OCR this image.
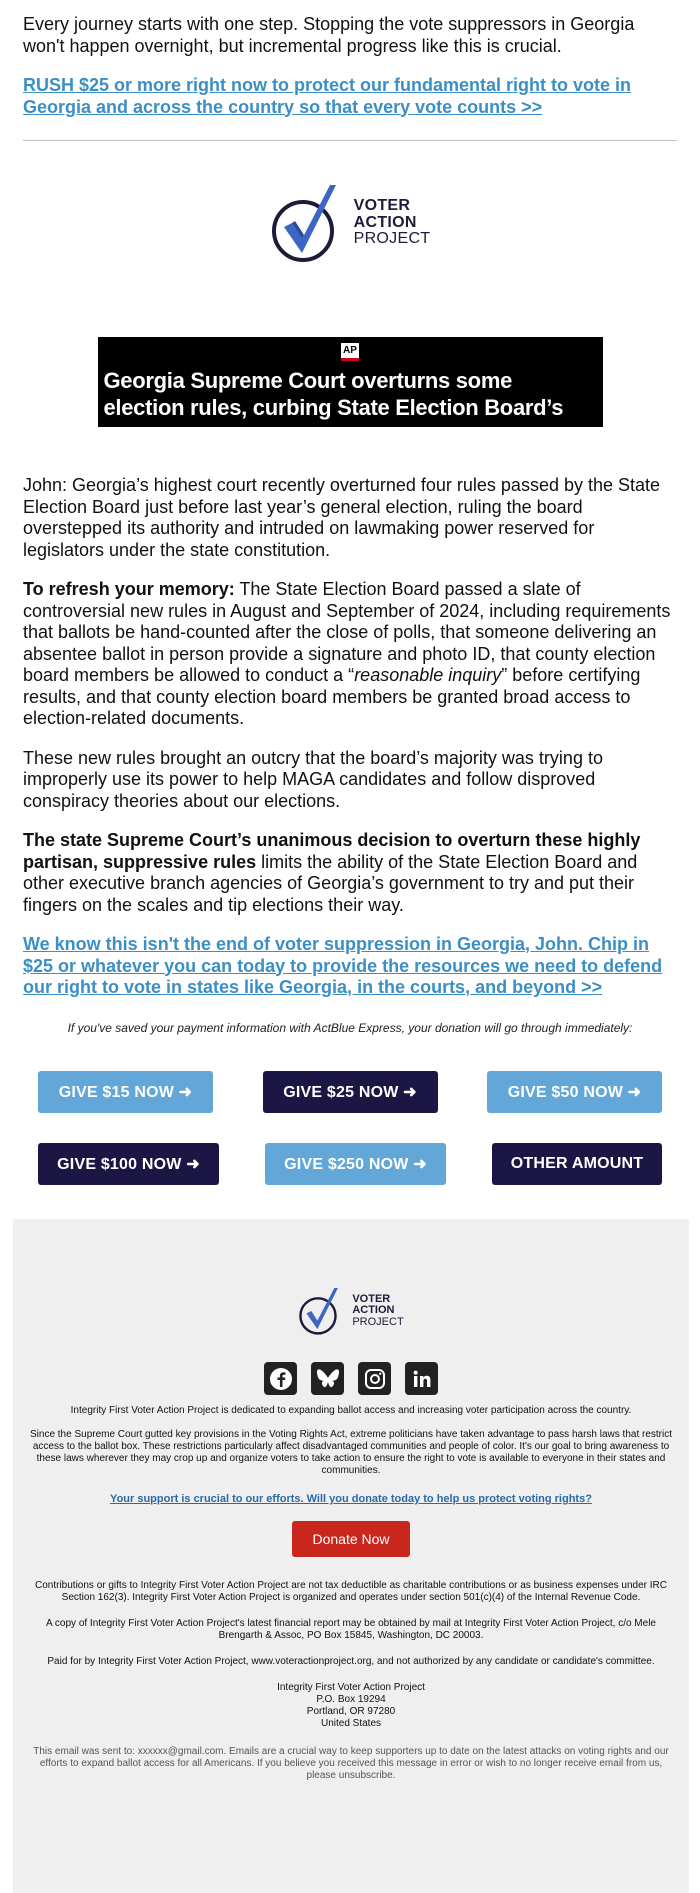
Every journey starts with one step. Stopping the vote suppressors in Georgia won't happen overnight, but incremental progress like this is crucial.

RUSH $25 or more right now to protect our fundamental right to vote in Georgia and across the country so that every vote counts >>
VOTER
ACTION
PROJECT
AP
Georgia Supreme Court overturns some election rules, curbing State Election Board’s power

John: Georgia’s highest court recently overturned four rules passed by the State Election Board just before last year’s general election, ruling the board overstepped its authority and intruded on lawmaking power reserved for legislators under the state constitution.

To refresh your memory: The State Election Board passed a slate of controversial new rules in August and September of 2024, including requirements that ballots be hand-counted after the close of polls, that someone delivering an absentee ballot in person provide a signature and photo ID, that county election board members be allowed to conduct a “reasonable inquiry” before certifying results, and that county election board members be granted broad access to election-related documents.

These new rules brought an outcry that the board’s majority was trying to improperly use its power to help MAGA candidates and follow disproved conspiracy theories about our elections.

The state Supreme Court’s unanimous decision to overturn these highly partisan, suppressive rules limits the ability of the State Election Board and other executive branch agencies of Georgia’s government to try and put their fingers on the scales and tip elections their way.

We know this isn't the end of voter suppression in Georgia, John. Chip in $25 or whatever you can today to provide the resources we need to defend our right to vote in states like Georgia, in the courts, and beyond >>

If you've saved your payment information with ActBlue Express, your donation will go through immediately:

GIVE $15 NOW ➜	GIVE $25 NOW ➜	GIVE $50 NOW ➜
GIVE $100 NOW ➜	GIVE $250 NOW ➜	OTHER AMOUNT
VOTER
ACTION
PROJECT

Integrity First Voter Action Project is dedicated to expanding ballot access and increasing voter participation across the country.

Since the Supreme Court gutted key provisions in the Voting Rights Act, extreme politicians have taken advantage to pass harsh laws that restrict access to the ballot box. These restrictions particularly affect disadvantaged communities and people of color. It's our goal to bring awareness to these laws wherever they may crop up and organize voters to take action to ensure the right to vote is available to everyone in their states and communities.

Your support is crucial to our efforts. Will you donate today to help us protect voting rights?
Donate Now

Contributions or gifts to Integrity First Voter Action Project are not tax deductible as charitable contributions or as business expenses under IRC Section 162(3). Integrity First Voter Action Project is organized and operates under section 501(c)(4) of the Internal Revenue Code.

A copy of Integrity First Voter Action Project's latest financial report may be obtained by mail at Integrity First Voter Action Project, c/o Mele Brengarth & Assoc, PO Box 15845, Washington, DC 20003.

Paid for by Integrity First Voter Action Project, www.voteractionproject.org, and not authorized by any candidate or candidate's committee.

Integrity First Voter Action Project

P.O. Box 19294

Portland, OR 97280

United States

This email was sent to: xxxxxx@gmail.com. Emails are a crucial way to keep supporters up to date on the latest attacks on voting rights and our efforts to expand ballot access for all Americans. If you believe you received this message in error or wish to no longer receive email from us, please unsubscribe.
